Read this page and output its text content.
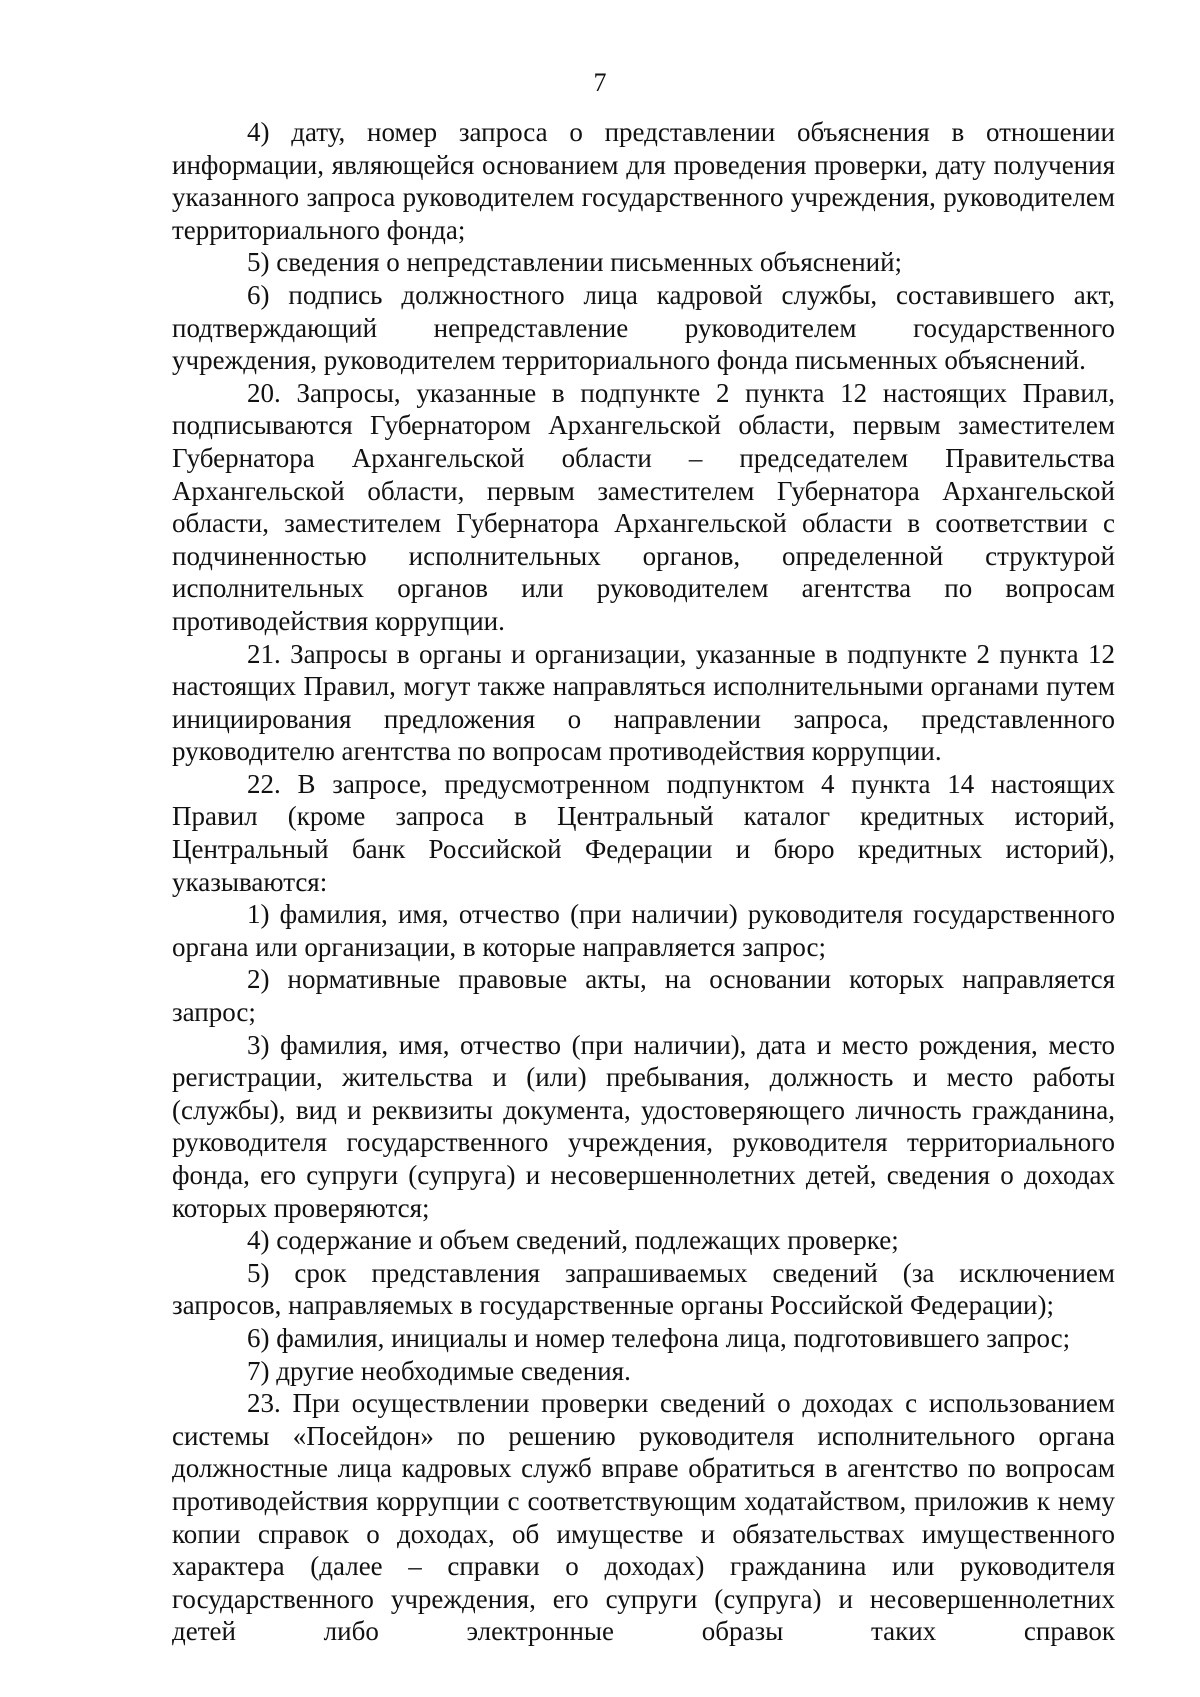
7

4) дату, номер запроса о представлении объяснения в отношении информации, являющейся основанием для проведения проверки, дату получения указанного запроса руководителем государственного учреждения, руководителем территориального фонда;

5) сведения о непредставлении письменных объяснений;

6) подпись должностного лица кадровой службы, составившего акт, подтверждающий непредставление руководителем государственного учреждения, руководителем территориального фонда письменных объяснений.

20. Запросы, указанные в подпункте 2 пункта 12 настоящих Правил, подписываются Губернатором Архангельской области, первым заместителем Губернатора Архангельской области – председателем Правительства Архангельской области, первым заместителем Губернатора Архангельской области, заместителем Губернатора Архангельской области в соответствии с подчиненностью исполнительных органов, определенной структурой исполнительных органов или руководителем агентства по вопросам противодействия коррупции.

21. Запросы в органы и организации, указанные в подпункте 2 пункта 12 настоящих Правил, могут также направляться исполнительными органами путем инициирования предложения о направлении запроса, представленного руководителю агентства по вопросам противодействия коррупции.

22. В запросе, предусмотренном подпунктом 4 пункта 14 настоящих Правил (кроме запроса в Центральный каталог кредитных историй, Центральный банк Российской Федерации и бюро кредитных историй), указываются:

1) фамилия, имя, отчество (при наличии) руководителя государственного органа или организации, в которые направляется запрос;

2) нормативные правовые акты, на основании которых направляется запрос;

3) фамилия, имя, отчество (при наличии), дата и место рождения, место регистрации, жительства и (или) пребывания, должность и место работы (службы), вид и реквизиты документа, удостоверяющего личность гражданина, руководителя государственного учреждения, руководителя территориального фонда, его супруги (супруга) и несовершеннолетних детей, сведения о доходах которых проверяются;

4) содержание и объем сведений, подлежащих проверке;

5) срок представления запрашиваемых сведений (за исключением запросов, направляемых в государственные органы Российской Федерации);

6) фамилия, инициалы и номер телефона лица, подготовившего запрос;

7) другие необходимые сведения.

23. При осуществлении проверки сведений о доходах с использованием системы «Посейдон» по решению руководителя исполнительного органа должностные лица кадровых служб вправе обратиться в агентство по вопросам противодействия коррупции с соответствующим ходатайством, приложив к нему копии справок о доходах, об имуществе и обязательствах имущественного характера (далее – справки о доходах) гражданина или руководителя государственного учреждения, его супруги (супруга) и несовершеннолетних детей либо электронные образы таких справок
